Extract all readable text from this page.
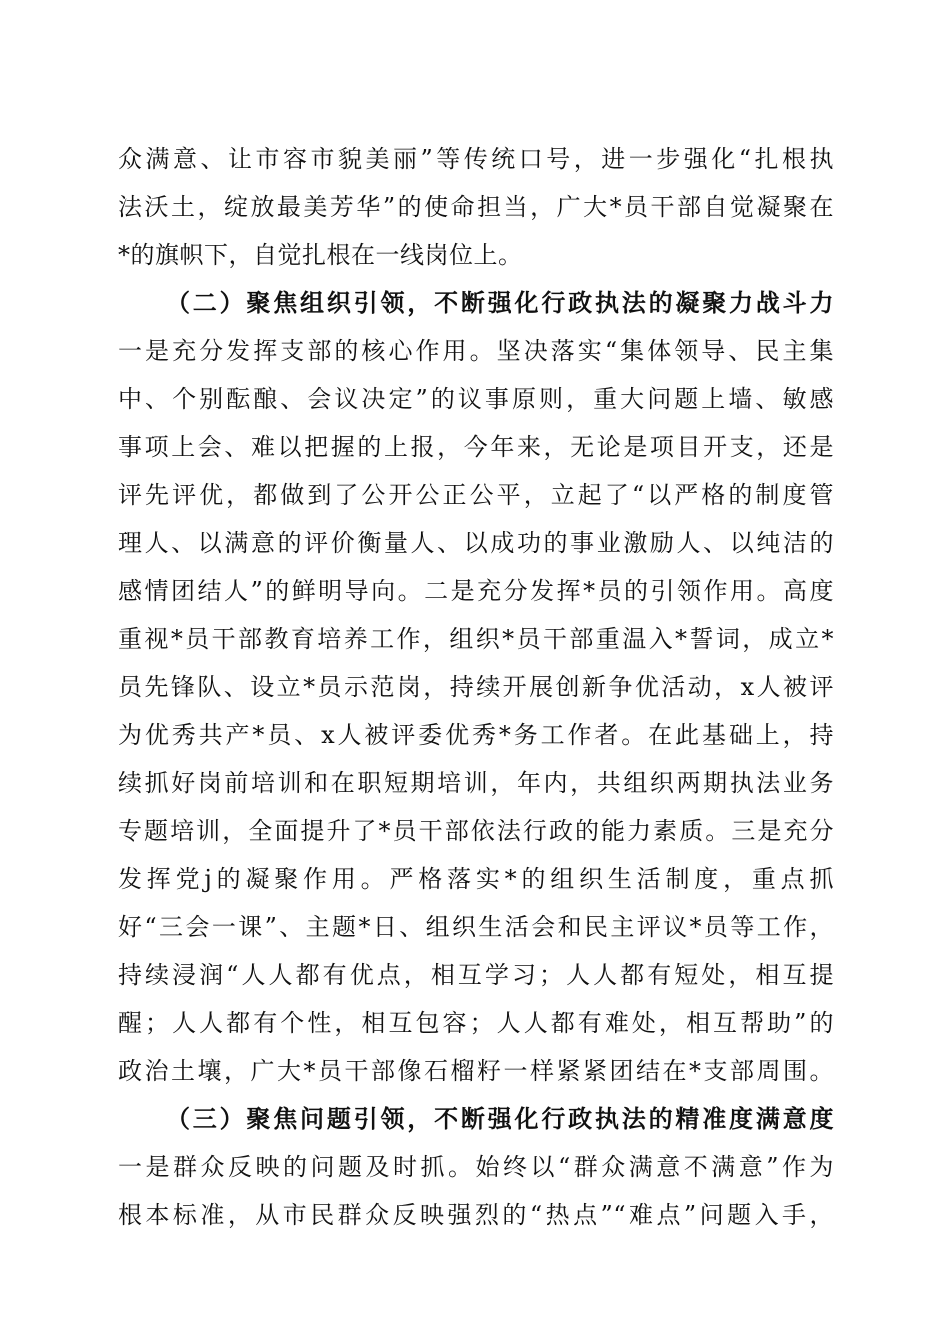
众满意、让市容市貌美丽”等传统口号，进一步强化“扎根执
法沃土，绽放最美芳华”的使命担当，广大*员干部自觉凝聚在
*的旗帜下，自觉扎根在一线岗位上。
（二）聚焦组织引领，不断强化行政执法的凝聚力战斗力
一是充分发挥支部的核心作用。坚决落实“集体领导、民主集
中、个别酝酿、会议决定”的议事原则，重大问题上墙、敏感
事项上会、难以把握的上报，今年来，无论是项目开支，还是
评先评优，都做到了公开公正公平，立起了“以严格的制度管
理人、以满意的评价衡量人、以成功的事业激励人、以纯洁的
感情团结人”的鲜明导向。二是充分发挥*员的引领作用。高度
重视*员干部教育培养工作，组织*员干部重温入*誓词，成立*
员先锋队、设立*员示范岗，持续开展创新争优活动，x人被评
为优秀共产*员、x人被评委优秀*务工作者。在此基础上，持
续抓好岗前培训和在职短期培训，年内，共组织两期执法业务
专题培训，全面提升了*员干部依法行政的能力素质。三是充分
发挥党j的凝聚作用。严格落实*的组织生活制度，重点抓
好“三会一课”、主题*日、组织生活会和民主评议*员等工作，
持续浸润“人人都有优点，相互学习；人人都有短处，相互提
醒；人人都有个性，相互包容；人人都有难处，相互帮助”的
政治土壤，广大*员干部像石榴籽一样紧紧团结在*支部周围。
（三）聚焦问题引领，不断强化行政执法的精准度满意度
一是群众反映的问题及时抓。始终以“群众满意不满意”作为
根本标准，从市民群众反映强烈的“热点”“难点”问题入手，
